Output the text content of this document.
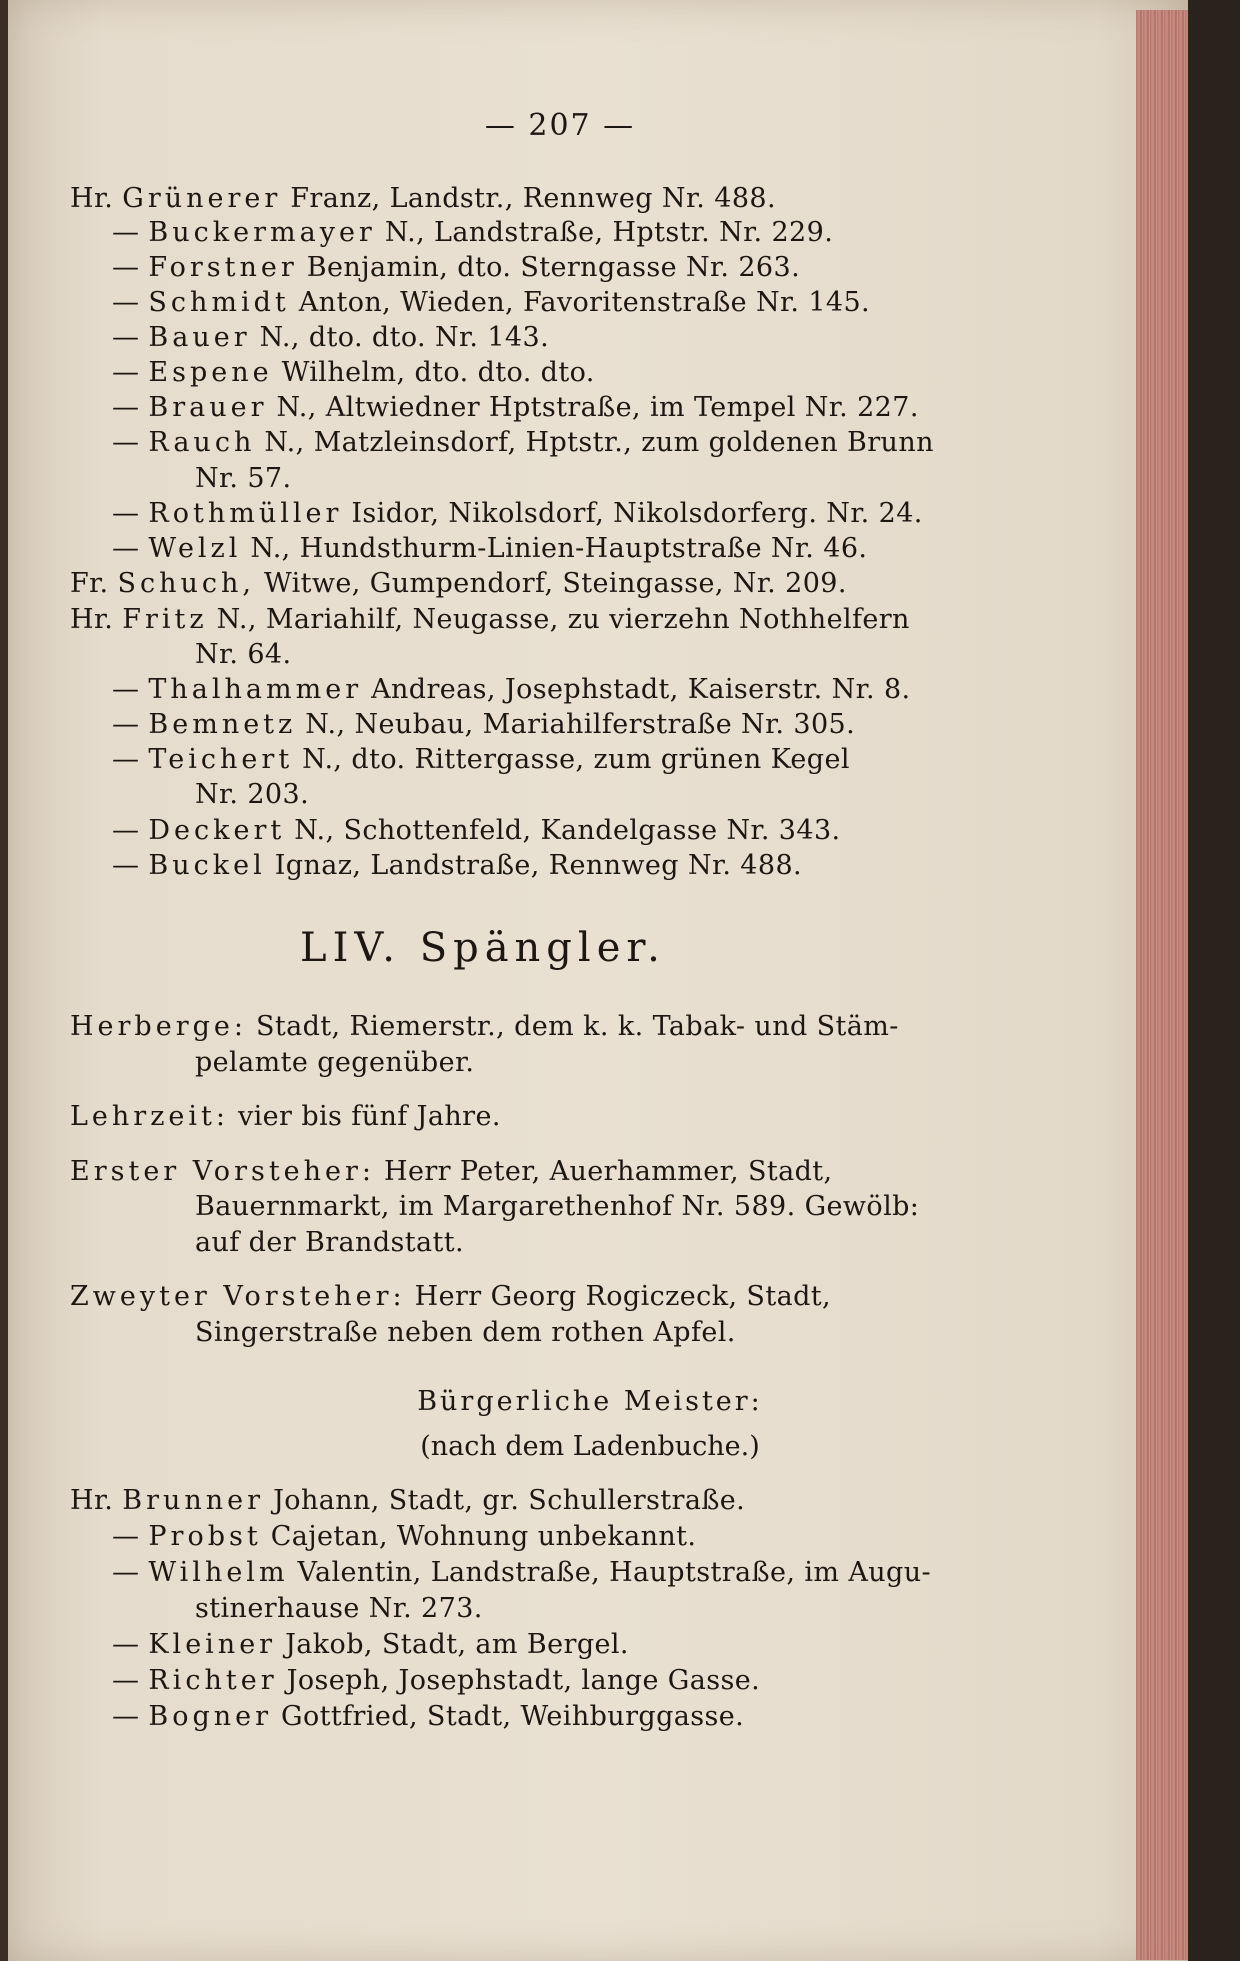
— 207 —
Hr. Grünerer Franz, Landstr., Rennweg Nr. 488.
— Buckermayer N., Landstraße, Hptstr. Nr. 229.
— Forstner Benjamin, dto. Sterngasse Nr. 263.
— Schmidt Anton, Wieden, Favoritenstraße Nr. 145.
— Bauer N., dto. dto. Nr. 143.
— Espene Wilhelm, dto. dto. dto.
— Brauer N., Altwiedner Hptstraße, im Tempel Nr. 227.
— Rauch N., Matzleinsdorf, Hptstr., zum goldenen Brunn
Nr. 57.
— Rothmüller Isidor, Nikolsdorf, Nikolsdorferg. Nr. 24.
— Welzl N., Hundsthurm-Linien-Hauptstraße Nr. 46.
Fr. Schuch, Witwe, Gumpendorf, Steingasse, Nr. 209.
Hr. Fritz N., Mariahilf, Neugasse, zu vierzehn Nothhelfern
Nr. 64.
— Thalhammer Andreas, Josephstadt, Kaiserstr. Nr. 8.
— Bemnetz N., Neubau, Mariahilferstraße Nr. 305.
— Teichert N., dto. Rittergasse, zum grünen Kegel
Nr. 203.
— Deckert N., Schottenfeld, Kandelgasse Nr. 343.
— Buckel Ignaz, Landstraße, Rennweg Nr. 488.
LIV. Spängler.
Herberge: Stadt, Riemerstr., dem k. k. Tabak- und Stäm-
pelamte gegenüber.
Lehrzeit: vier bis fünf Jahre.
Erster Vorsteher: Herr Peter, Auerhammer, Stadt,
Bauernmarkt, im Margarethenhof Nr. 589. Gewölb:
auf der Brandstatt.
Zweyter Vorsteher: Herr Georg Rogiczeck, Stadt,
Singerstraße neben dem rothen Apfel.
Bürgerliche Meister:
(nach dem Ladenbuche.)
Hr. Brunner Johann, Stadt, gr. Schullerstraße.
— Probst Cajetan, Wohnung unbekannt.
— Wilhelm Valentin, Landstraße, Hauptstraße, im Augu-
stinerhause Nr. 273.
— Kleiner Jakob, Stadt, am Bergel.
— Richter Joseph, Josephstadt, lange Gasse.
— Bogner Gottfried, Stadt, Weihburggasse.
